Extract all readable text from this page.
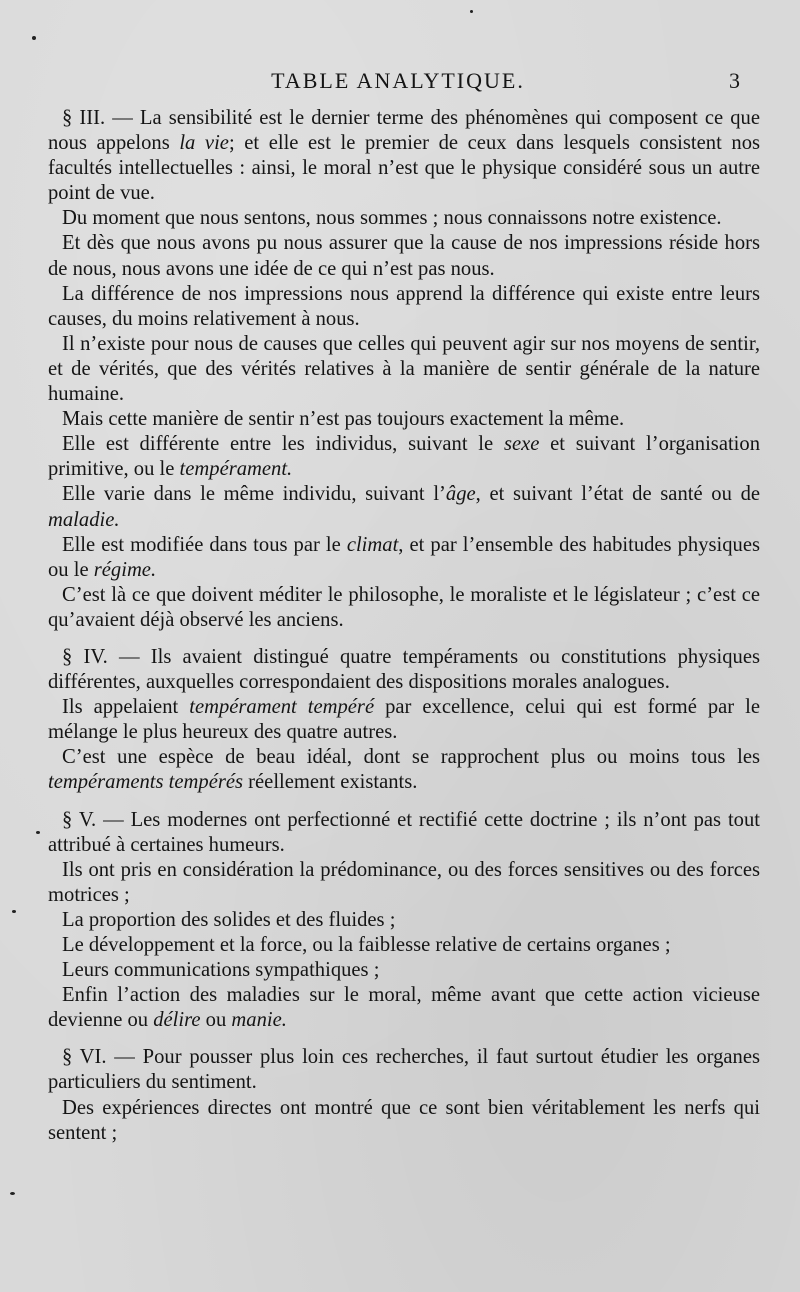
TABLE ANALYTIQUE.	3

§ III. — La sensibilité est le dernier terme des phénomènes qui composent ce que nous appelons la vie; et elle est le premier de ceux dans lesquels consistent nos facultés intellectuelles : ainsi, le moral n’est que le physique considéré sous un autre point de vue.

Du moment que nous sentons, nous sommes ; nous connaissons notre existence.

Et dès que nous avons pu nous assurer que la cause de nos impressions réside hors de nous, nous avons une idée de ce qui n’est pas nous.

La différence de nos impressions nous apprend la différence qui existe entre leurs causes, du moins relativement à nous.

Il n’existe pour nous de causes que celles qui peuvent agir sur nos moyens de sentir, et de vérités, que des vérités relatives à la manière de sentir générale de la nature humaine.

Mais cette manière de sentir n’est pas toujours exactement la même.

Elle est différente entre les individus, suivant le sexe et suivant l’organisation primitive, ou le tempérament.

Elle varie dans le même individu, suivant l’âge, et suivant l’état de santé ou de maladie.

Elle est modifiée dans tous par le climat, et par l’ensemble des habitudes physiques ou le régime.

C’est là ce que doivent méditer le philosophe, le moraliste et le législateur ; c’est ce qu’avaient déjà observé les anciens.

§ IV. — Ils avaient distingué quatre tempéraments ou constitutions physiques différentes, auxquelles correspondaient des dispositions morales analogues.

Ils appelaient tempérament tempéré par excellence, celui qui est formé par le mélange le plus heureux des quatre autres.

C’est une espèce de beau idéal, dont se rapprochent plus ou moins tous les tempéraments tempérés réellement existants.

§ V. — Les modernes ont perfectionné et rectifié cette doctrine ; ils n’ont pas tout attribué à certaines humeurs.

Ils ont pris en considération la prédominance, ou des forces sensitives ou des forces motrices ;

La proportion des solides et des fluides ;

Le développement et la force, ou la faiblesse relative de certains organes ;

Leurs communications sympathiques ;

Enfin l’action des maladies sur le moral, même avant que cette action vicieuse devienne ou délire ou manie.

§ VI. — Pour pousser plus loin ces recherches, il faut surtout étudier les organes particuliers du sentiment.

Des expériences directes ont montré que ce sont bien véritablement les nerfs qui sentent ;
